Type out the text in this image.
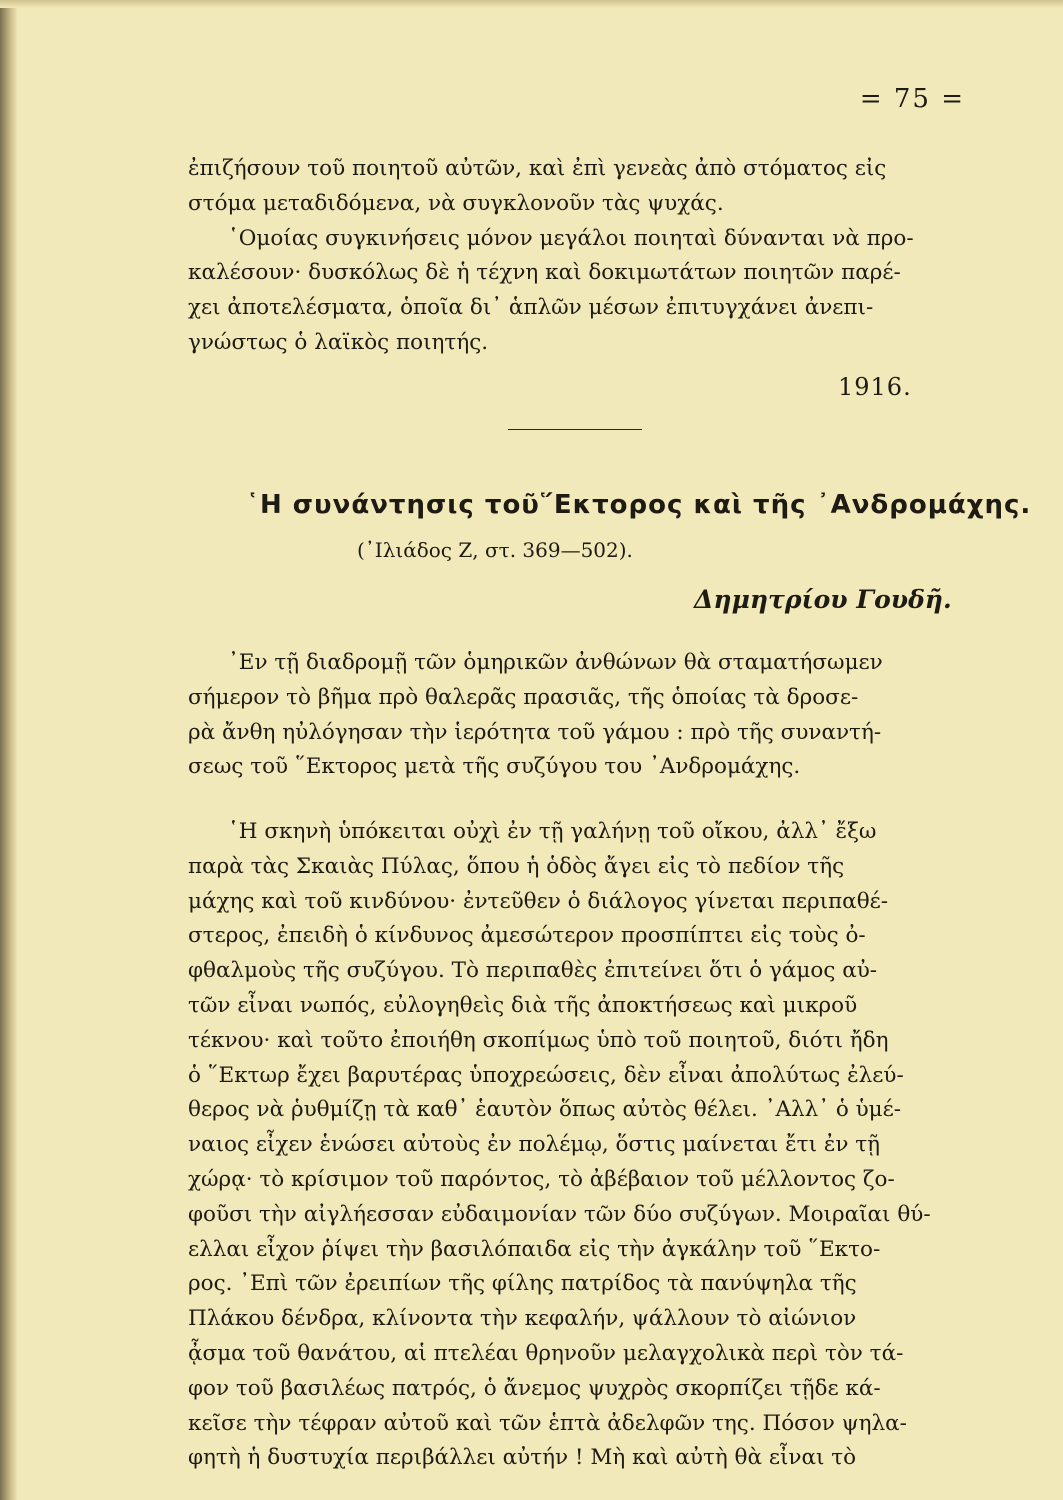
= 75 =
ἐπιζήσουν τοῦ ποιητοῦ αὐτῶν, καὶ ἐπὶ γενεὰς ἀπὸ στόματος εἰς
στόμα μεταδιδόμενα, νὰ συγκλονοῦν τὰς ψυχάς.
῾Ομοίας συγκινήσεις μόνον μεγάλοι ποιηταὶ δύνανται νὰ προ-
καλέσουν· δυσκόλως δὲ ἡ τέχνη καὶ δοκιμωτάτων ποιητῶν παρέ-
χει ἀποτελέσματα, ὁποῖα δι᾽ ἁπλῶν μέσων ἐπιτυγχάνει ἀνεπι-
γνώστως ὁ λαϊκὸς ποιητής.
1916.
῾Η συνάντησις τοῦ῞Εκτορος καὶ τῆς ᾿Ανδρομάχης.
(᾿Ιλιάδος Ζ, στ. 369—502).
Δημητρίου Γουδῆ.
᾿Εν τῇ διαδρομῇ τῶν ὁμηρικῶν ἀνθώνων θὰ σταματήσωμεν
σήμερον τὸ βῆμα πρὸ θαλερᾶς πρασιᾶς, τῆς ὁποίας τὰ δροσε-
ρὰ ἄνθη ηὐλόγησαν τὴν ἱερότητα τοῦ γάμου : πρὸ τῆς συναντή-
σεως τοῦ ῞Εκτορος μετὰ τῆς συζύγου του ᾿Ανδρομάχης.
῾Η σκηνὴ ὑπόκειται οὐχὶ ἐν τῇ γαλήνῃ τοῦ οἴκου, ἀλλ᾽ ἔξω
παρὰ τὰς Σκαιὰς Πύλας, ὅπου ἡ ὁδὸς ἄγει εἰς τὸ πεδίον τῆς
μάχης καὶ τοῦ κινδύνου· ἐντεῦθεν ὁ διάλογος γίνεται περιπαθέ-
στερος, ἐπειδὴ ὁ κίνδυνος ἀμεσώτερον προσπίπτει εἰς τοὺς ὀ-
φθαλμοὺς τῆς συζύγου. Τὸ περιπαθὲς ἐπιτείνει ὅτι ὁ γάμος αὐ-
τῶν εἶναι νωπός, εὐλογηθεὶς διὰ τῆς ἀποκτήσεως καὶ μικροῦ
τέκνου· καὶ τοῦτο ἐποιήθη σκοπίμως ὑπὸ τοῦ ποιητοῦ, διότι ἤδη
ὁ ῞Εκτωρ ἔχει βαρυτέρας ὑποχρεώσεις, δὲν εἶναι ἀπολύτως ἐλεύ-
θερος νὰ ῥυθμίζῃ τὰ καθ᾽ ἑαυτὸν ὅπως αὐτὸς θέλει. ᾿Αλλ᾽ ὁ ὑμέ-
ναιος εἶχεν ἑνώσει αὐτοὺς ἐν πολέμῳ, ὅστις μαίνεται ἔτι ἐν τῇ
χώρᾳ· τὸ κρίσιμον τοῦ παρόντος, τὸ ἀβέβαιον τοῦ μέλλοντος ζο-
φοῦσι τὴν αἰγλήεσσαν εὐδαιμονίαν τῶν δύο συζύγων. Μοιραῖαι θύ-
ελλαι εἶχον ῥίψει τὴν βασιλόπαιδα εἰς τὴν ἀγκάλην τοῦ ῞Εκτο-
ρος. ᾿Επὶ τῶν ἐρειπίων τῆς φίλης πατρίδος τὰ πανύψηλα τῆς
Πλάκου δένδρα, κλίνοντα τὴν κεφαλήν, ψάλλουν τὸ αἰώνιον
ᾆσμα τοῦ θανάτου, αἱ πτελέαι θρηνοῦν μελαγχολικὰ περὶ τὸν τά-
φον τοῦ βασιλέως πατρός, ὁ ἄνεμος ψυχρὸς σκορπίζει τῇδε κά-
κεῖσε τὴν τέφραν αὐτοῦ καὶ τῶν ἑπτὰ ἀδελφῶν της. Πόσον ψηλα-
φητὴ ἡ δυστυχία περιβάλλει αὐτήν ! Μὴ καὶ αὐτὴ θὰ εἶναι τὸ
